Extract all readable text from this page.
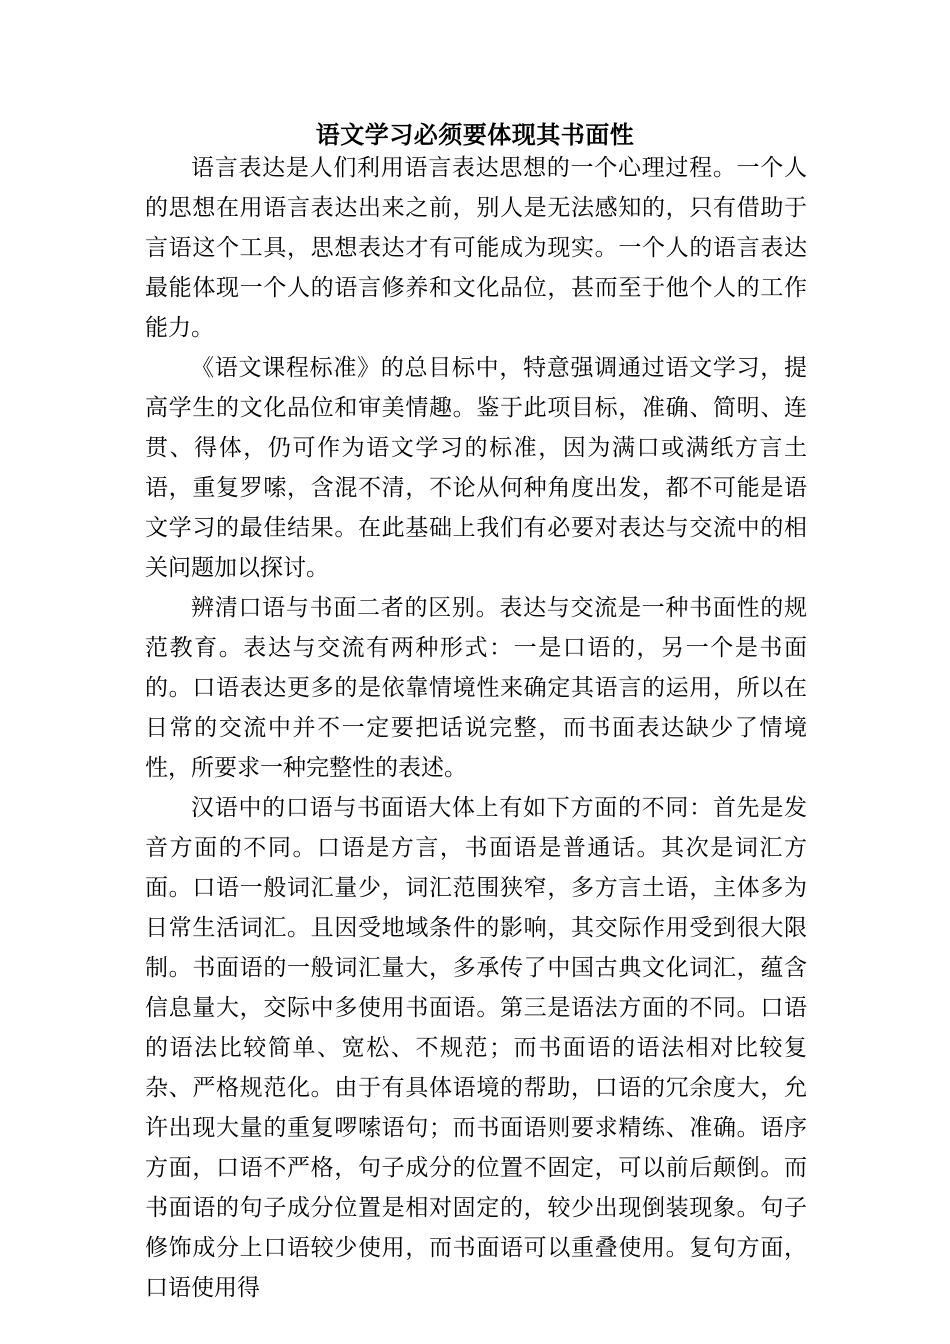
语文学习必须要体现其书面性

语言表达是人们利用语言表达思想的一个心理过程。一个人的思想在用语言表达出来之前，别人是无法感知的，只有借助于言语这个工具，思想表达才有可能成为现实。一个人的语言表达最能体现一个人的语言修养和文化品位，甚而至于他个人的工作能力。

《语文课程标准》的总目标中，特意强调通过语文学习，提高学生的文化品位和审美情趣。鉴于此项目标，准确、简明、连贯、得体，仍可作为语文学习的标准，因为满口或满纸方言土语，重复罗嗦，含混不清，不论从何种角度出发，都不可能是语文学习的最佳结果。在此基础上我们有必要对表达与交流中的相关问题加以探讨。

辨清口语与书面二者的区别。表达与交流是一种书面性的规范教育。表达与交流有两种形式：一是口语的，另一个是书面的。口语表达更多的是依靠情境性来确定其语言的运用，所以在日常的交流中并不一定要把话说完整，而书面表达缺少了情境性，所要求一种完整性的表述。

汉语中的口语与书面语大体上有如下方面的不同：首先是发音方面的不同。口语是方言，书面语是普通话。其次是词汇方面。口语一般词汇量少，词汇范围狭窄，多方言土语，主体多为日常生活词汇。且因受地域条件的影响，其交际作用受到很大限制。书面语的一般词汇量大，多承传了中国古典文化词汇，蕴含信息量大，交际中多使用书面语。第三是语法方面的不同。口语的语法比较简单、宽松、不规范；而书面语的语法相对比较复杂、严格规范化。由于有具体语境的帮助，口语的冗余度大，允许出现大量的重复啰嗦语句；而书面语则要求精练、准确。语序方面，口语不严格，句子成分的位置不固定，可以前后颠倒。而书面语的句子成分位置是相对固定的，较少出现倒装现象。句子修饰成分上口语较少使用，而书面语可以重叠使用。复句方面，口语使用得
